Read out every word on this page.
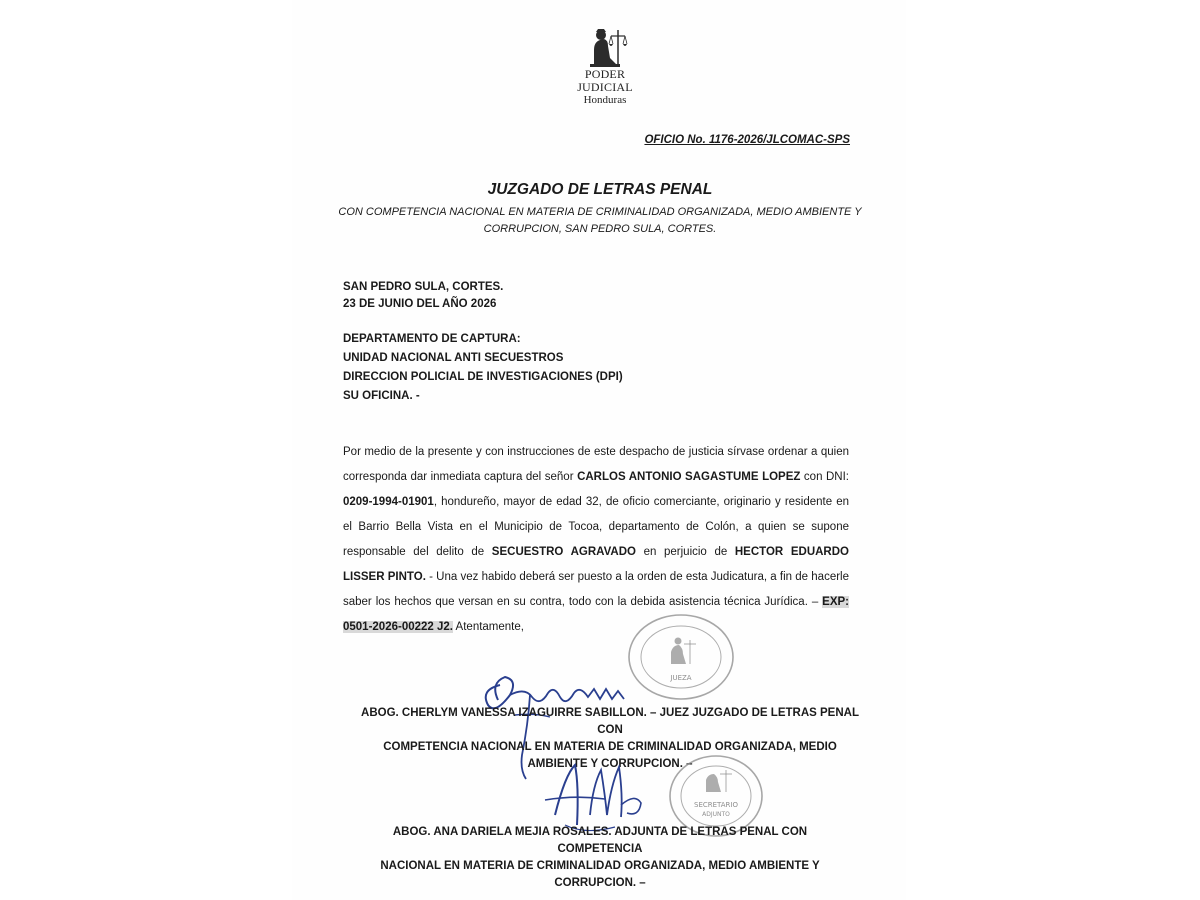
PODER JUDICIAL
Honduras
OFICIO No. 1176-2026/JLCOMAC-SPS
JUZGADO DE LETRAS PENAL
CON COMPETENCIA NACIONAL EN MATERIA DE CRIMINALIDAD ORGANIZADA, MEDIO AMBIENTE Y
CORRUPCION, SAN PEDRO SULA, CORTES.
SAN PEDRO SULA, CORTES.
23 DE JUNIO DEL AÑO 2026
DEPARTAMENTO DE CAPTURA:
UNIDAD NACIONAL ANTI SECUESTROS
DIRECCION POLICIAL DE INVESTIGACIONES (DPI)
SU OFICINA. -
Por medio de la presente y con instrucciones de este despacho de justicia sírvase ordenar a quien corresponda dar inmediata captura del señor CARLOS ANTONIO SAGASTUME LOPEZ con DNI: 0209-1994-01901, hondureño, mayor de edad 32, de oficio comerciante, originario y residente en el Barrio Bella Vista en el Municipio de Tocoa, departamento de Colón, a quien se supone responsable del delito de SECUESTRO AGRAVADO en perjuicio de HECTOR EDUARDO LISSER PINTO. - Una vez habido deberá ser puesto a la orden de esta Judicatura, a fin de hacerle saber los hechos que versan en su contra, todo con la debida asistencia técnica Jurídica. – EXP: 0501-2026-00222 J2. Atentamente,
JUEZA
ABOG. CHERLYM VANESSA IZAGUIRRE SABILLON. – JUEZ JUZGADO DE LETRAS PENAL CON
COMPETENCIA NACIONAL EN MATERIA DE CRIMINALIDAD ORGANIZADA, MEDIO
AMBIENTE Y CORRUPCION. –
SECRETARIO
ADJUNTO
ABOG. ANA DARIELA MEJIA ROSALES. ADJUNTA DE LETRAS PENAL CON COMPETENCIA
NACIONAL EN MATERIA DE CRIMINALIDAD ORGANIZADA, MEDIO AMBIENTE Y
CORRUPCION. –
